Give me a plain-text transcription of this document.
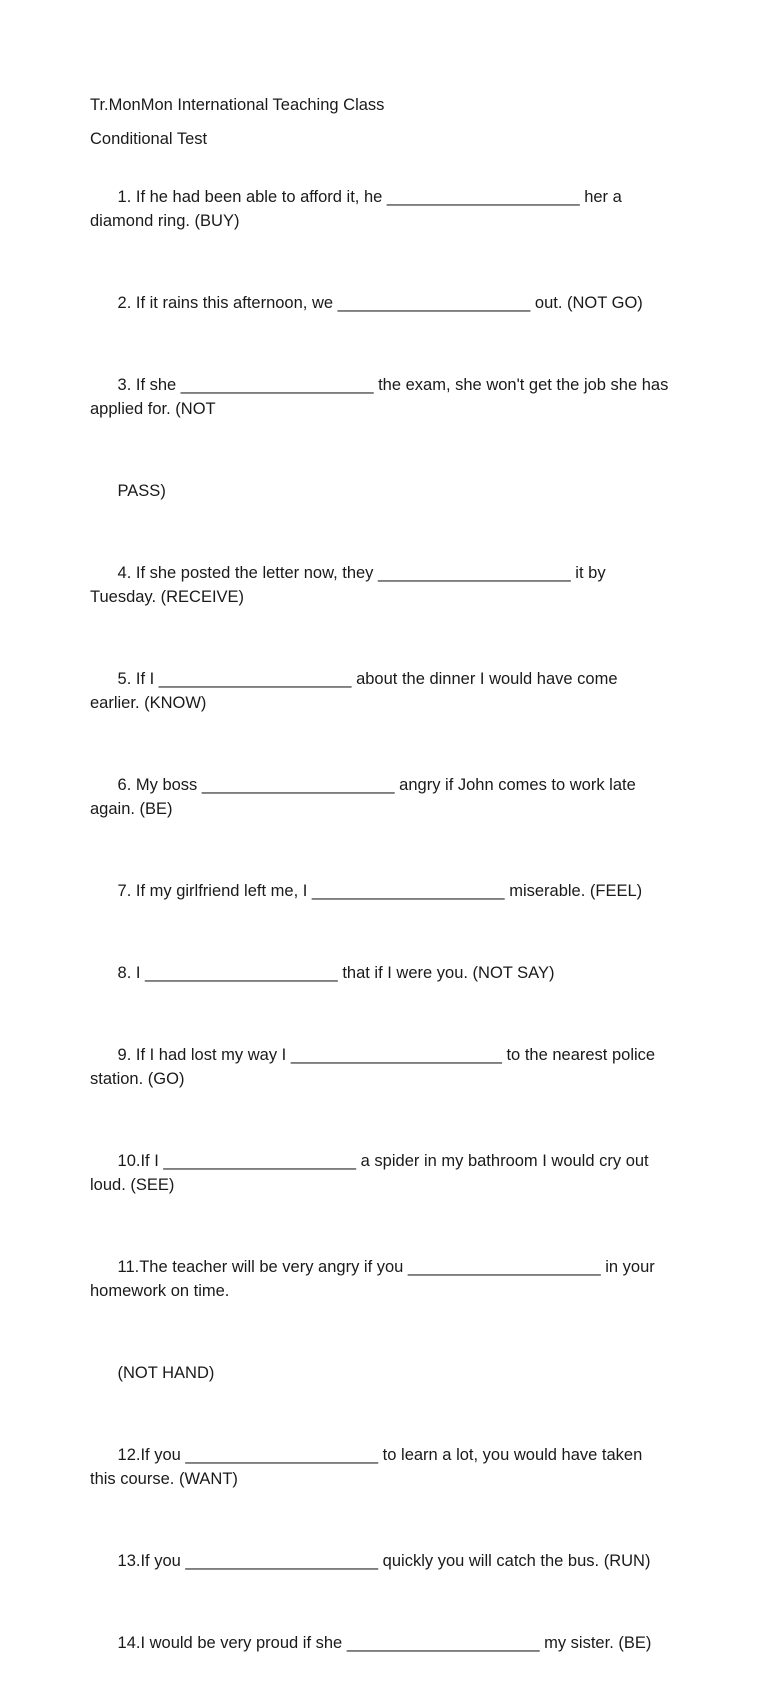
Tr.MonMon International Teaching Class
Conditional Test

1. If he had been able to afford it, he _____________________ her a
diamond ring. (BUY)

2. If it rains this afternoon, we _____________________ out. (NOT GO)

3. If she _____________________ the exam, she won't get the job she has
applied for. (NOT

PASS)

4. If she posted the letter now, they _____________________ it by
Tuesday. (RECEIVE)

5. If I _____________________ about the dinner I would have come
earlier. (KNOW)

6. My boss _____________________ angry if John comes to work late
again. (BE)

7. If my girlfriend left me, I _____________________ miserable. (FEEL)

8. I _____________________ that if I were you. (NOT SAY)

9. If I had lost my way I _______________________ to the nearest police
station. (GO)

10.If I _____________________ a spider in my bathroom I would cry out
loud. (SEE)

11.The teacher will be very angry if you _____________________ in your
homework on time.

(NOT HAND)

12.If you _____________________ to learn a lot, you would have taken
this course. (WANT)

13.If you _____________________ quickly you will catch the bus. (RUN)

14.I would be very proud if she _____________________ my sister. (BE)
